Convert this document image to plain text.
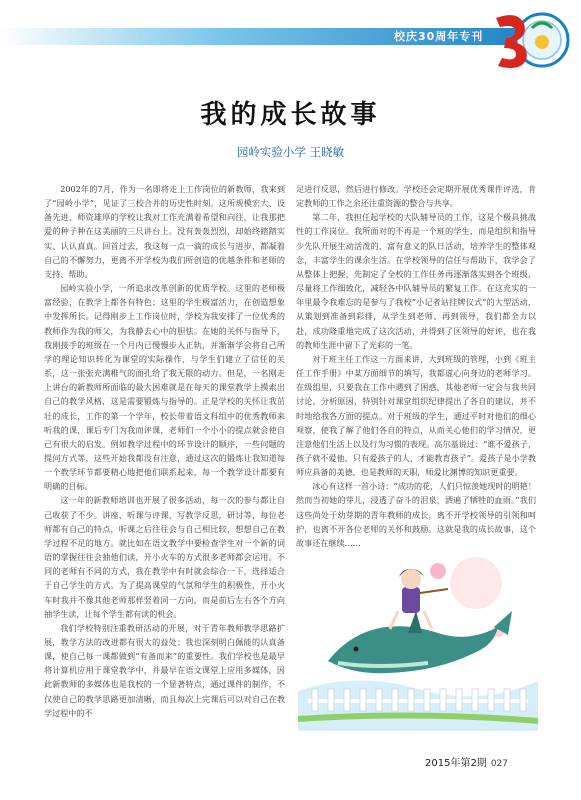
校庆30周年专刊
我的成长故事
园岭实验小学 王晓敏

2002年的7月，作为一名即将走上工作岗位的新教师，我来到了“园岭小学”，见证了三校合并的历史性时刻。这所规模宏大、设备先进、师资雄厚的学校让我对工作充满着希望和向往，让我那把爱的种子种在这美丽的三尺讲台上。没有轰轰烈烈，却始终踏踏实实、认认真真。回首过去，我这每一点一滴的成长与进步，都凝着自己的不懈努力，更离不开学校为我们所创造的优越条件和老师的支持、帮助。

园岭实验小学，一所追求改革创新的优质学校。这里的老师极富经验，在教学上都各有特色；这里的学生极富活力，在创造想象中发挥所长。记得刚步上工作岗位时，学校为我安排了一位优秀的教师作为我的师父，为我静去心中的胆怯。在她的关怀与指导下，我刚接手的班级在一个月内已慢慢步入正轨，并渐渐学会将自己所学的理论知识转化为课堂的实际操作，与学生们建立了信任的关系，这一张张充满稚气的面孔给了我无限的动力。但是，一名刚走上讲台的新教师所面临的最大困难就是在每天的课堂教学上摸索出自己的教学风格，这是需要锻炼与指导的。正是学校的关怀让我茁壮的成长，工作的第一个学年，校长带着语文科组中的优秀教师来听我的课，课后专门为我而评课，老师们一个小小的提点就会使自己有很大的启发。例如教学过程中的环节设计的顺序，一些问题的提问方式等，这些开始我都没有注意，通过这次的锻炼让我知道每一个教学环节都要精心地把他们联系起来，每一个教学设计都要有明确的目标。

这一年的新教师培训也开展了很多活动，每一次的参与都让自己收获了不少。讲座、听课与评课、写教学反思，研讨等，每位老师都有自己的特点，听课之后往往会与自己相比较，想想自己在教学过程不足的地方。就比如在语文教学中要检查学生对一个新的词语的掌握往往会抽他们读，开小火车的方式很多老师都会运用。不同的老师有不同的方式，我在教学中有时就会综合一下，选择适合于自己学生的方式。为了提高课堂的气氛和学生的积极性，开小火车时我并不像其他老师那样竖着同一方向，而是前后左右各个方向抽学生读，让每个学生都有读的机会。

我们学校特别注重教研活动的开展，对于青年教师教学思路扩展，教学方法的改进都有很大的益处；我也深刻明白佩能的认真备课，使自己每一课都做到“有备而来”的重要性。我们学校也是最早将计算机应用于课堂教学中，并最早在语文课堂上应用多媒体，因此新教师的多媒体也是我校的一个显著特点，通过课件的制作，不仅使自己的教学思路更加清晰，而且每次上完课后可以对自己在教学过程中的不

足进行反思，然后进行修改。学校还会定期开展优秀课件评选，肯定教师的工作之余还注重资源的整合与共享。

第二年，我担任起学校的大队辅导员的工作，这是个极具挑战性的工作岗位。我所面对的不再是一个班的学生，而是组织和指导少先队开展生动活泼的、富有意义的队日活动，培养学生的整体观念，丰富学生的课余生活。在学校领导的信任与帮助下，我学会了从整体上把握，先制定了全校的工作任务再逐渐落实到各个班级，尽量将工作细致化，减轻各中队辅导员的繁复工作。在这充实的一年里最令我难忘的是参与了我校“小记者站挂牌仪式”的大型活动，从策划到准备到彩排，从学生到老师、再到领导，我们都全力以赴，成功隆重地完成了这次活动，并得到了区领导的好评，也在我的教师生涯中留下了光彩的一笔。

对于班主任工作这一方面来讲，大到班级的管理，小到《班主任工作手册》中某方面细节的填写，我都虚心向身边的老师学习。在级组里，只要我在工作中遇到了困惑，其他老师一定会与我共同讨论，分析原因，特别针对课堂组织纪律提出了各自的建议，并不时地给我各方面的提点。对于班级的学生，通过平时对他们的细心观察，使我了解了他们各自的特点，从而关心他们的学习情况，更注意他们生活上以及行为习惯的表现。高尔基说过：“谁不爱孩子，孩子就不爱他，只有爱孩子的人，才能教育孩子”。爱孩子是小学教师应具备的美德，也是教师的天职，师爱比渊博的知识更重要。

冰心有这样一首小诗：“成功的花，人们只惊羡她现时的明艳！然而当初她的芽儿，浸透了奋斗的泪泉，洒遍了牺牲的血雨。”我们这些尚处于幼芽期的青年教师的成长，离不开学校领导的引领和呵护，也离不开各位老师的关怀和鼓励。这就是我的成长故事，这个故事还在继续……

2015年第2期 027
